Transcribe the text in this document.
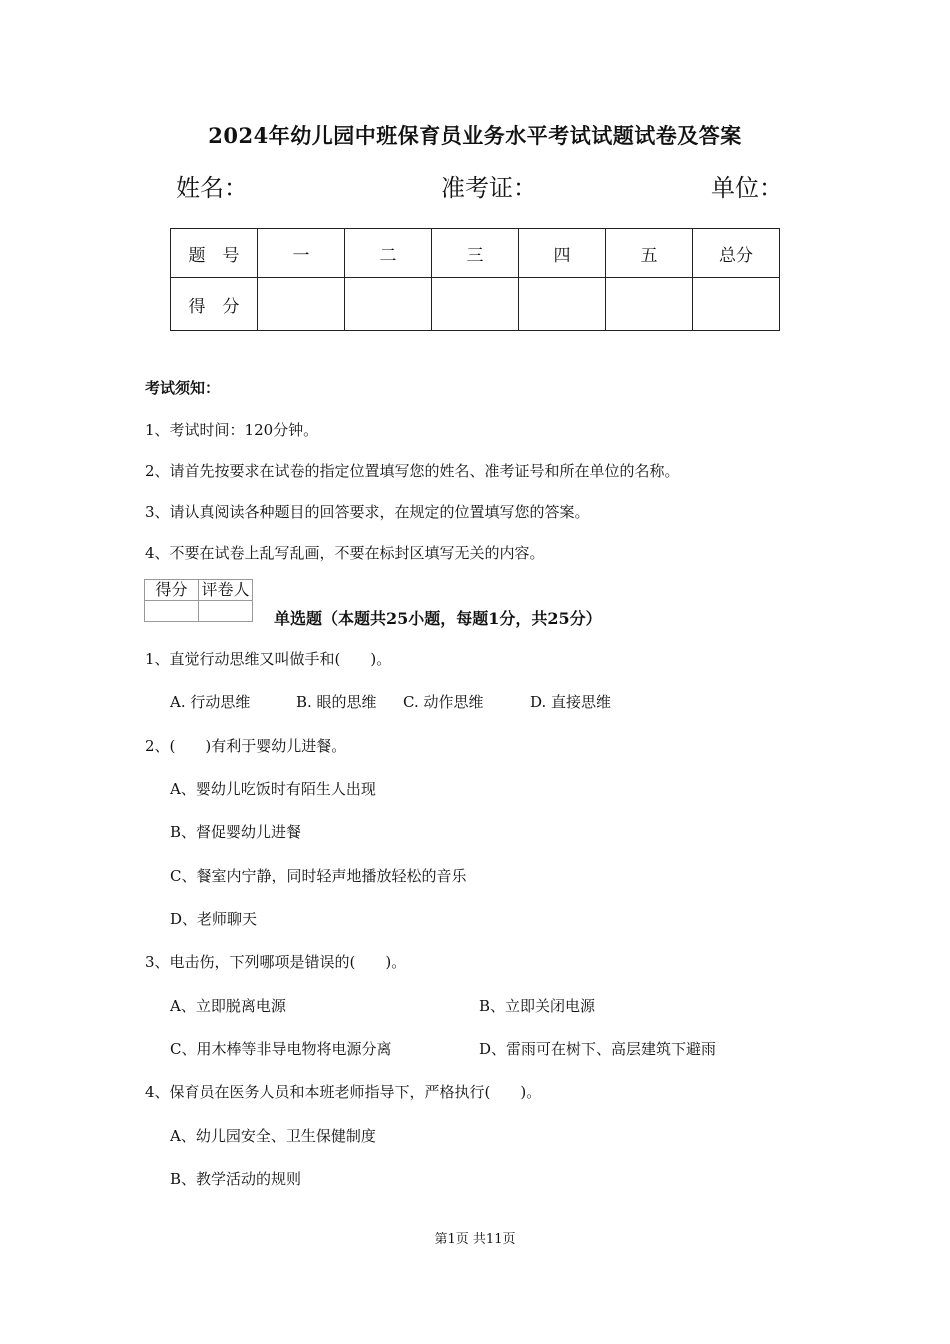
2024年幼儿园中班保育员业务水平考试试题试卷及答案
姓名：	准考证：	单位：
题　号	一	二	三	四	五	总分
得　分						
考试须知：
1、考试时间：120分钟。
2、请首先按要求在试卷的指定位置填写您的姓名、准考证号和所在单位的名称。
3、请认真阅读各种题目的回答要求，在规定的位置填写您的答案。
4、不要在试卷上乱写乱画，不要在标封区填写无关的内容。
得分	评卷人

单选题（本题共25小题，每题1分，共25分）
1、直觉行动思维又叫做手和(　　)。
A. 行动思维	B. 眼的思维 C. 动作思维	D. 直接思维
2、(　　)有利于婴幼儿进餐。
A、婴幼儿吃饭时有陌生人出现
B、督促婴幼儿进餐
C、餐室内宁静，同时轻声地播放轻松的音乐
D、老师聊天
3、电击伤，下列哪项是错误的(　　)。
A、立即脱离电源	B、立即关闭电源
C、用木棒等非导电物将电源分离	D、雷雨可在树下、高层建筑下避雨
4、保育员在医务人员和本班老师指导下，严格执行(　　)。
A、幼儿园安全、卫生保健制度
B、教学活动的规则
第1页 共11页
